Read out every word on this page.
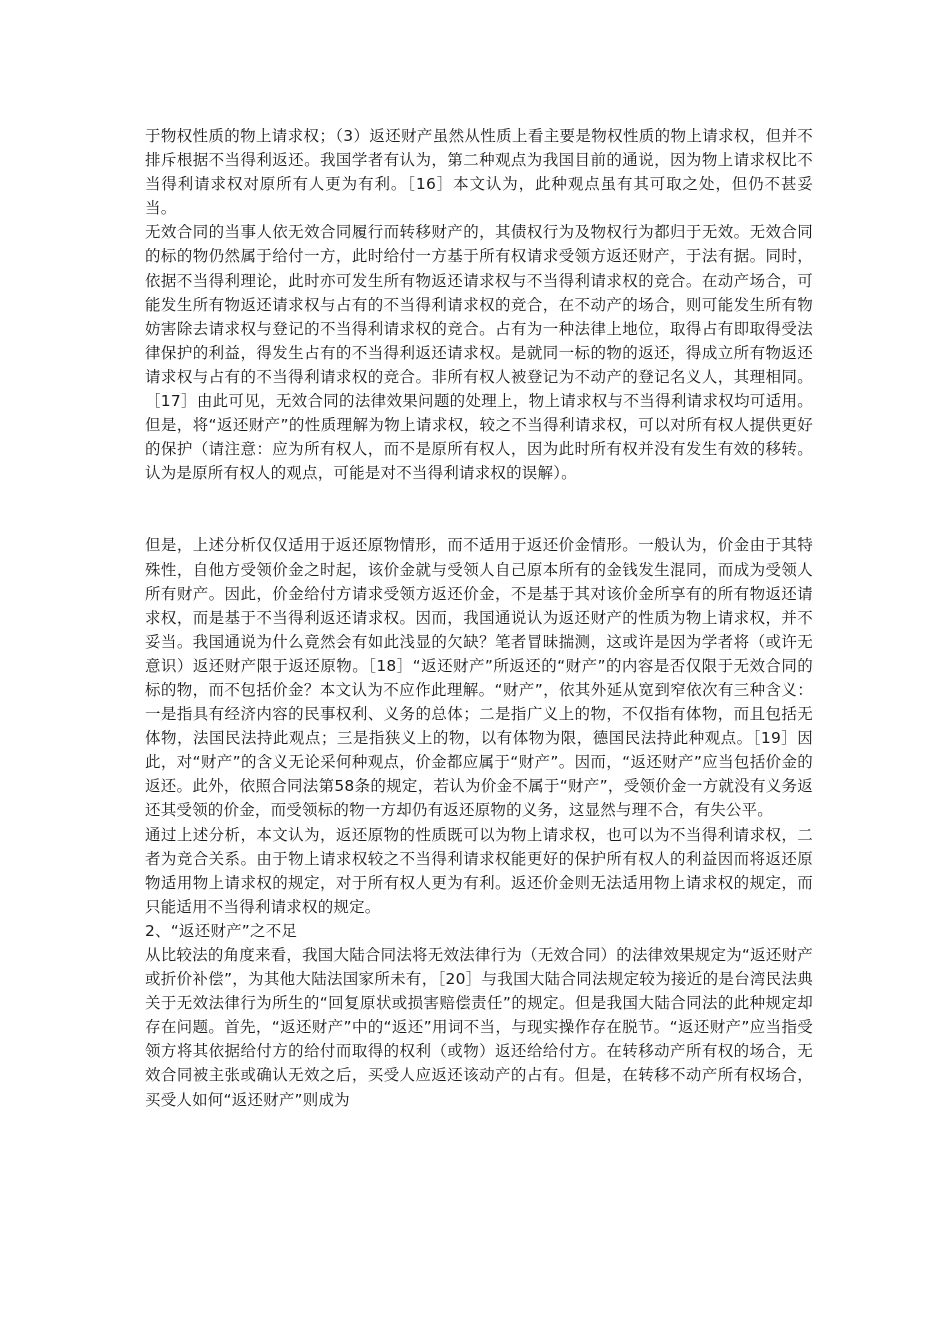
于物权性质的物上请求权；（3）返还财产虽然从性质上看主要是物权性质的物上请求权，但并不排斥根据不当得利返还。我国学者有认为，第二种观点为我国目前的通说，因为物上请求权比不当得利请求权对原所有人更为有利。［16］本文认为，此种观点虽有其可取之处，但仍不甚妥当。

无效合同的当事人依无效合同履行而转移财产的，其债权行为及物权行为都归于无效。无效合同的标的物仍然属于给付一方，此时给付一方基于所有权请求受领方返还财产，于法有据。同时，依据不当得利理论，此时亦可发生所有物返还请求权与不当得利请求权的竞合。在动产场合，可能发生所有物返还请求权与占有的不当得利请求权的竞合，在不动产的场合，则可能发生所有物妨害除去请求权与登记的不当得利请求权的竞合。占有为一种法律上地位，取得占有即取得受法律保护的利益，得发生占有的不当得利返还请求权。是就同一标的物的返还，得成立所有物返还请求权与占有的不当得利请求权的竞合。非所有权人被登记为不动产的登记名义人，其理相同。［17］由此可见，无效合同的法律效果问题的处理上，物上请求权与不当得利请求权均可适用。但是，将“返还财产”的性质理解为物上请求权，较之不当得利请求权，可以对所有权人提供更好的保护（请注意：应为所有权人，而不是原所有权人，因为此时所有权并没有发生有效的移转。认为是原所有权人的观点，可能是对不当得利请求权的误解）。

但是，上述分析仅仅适用于返还原物情形，而不适用于返还价金情形。一般认为，价金由于其特殊性，自他方受领价金之时起，该价金就与受领人自己原本所有的金钱发生混同，而成为受领人所有财产。因此，价金给付方请求受领方返还价金，不是基于其对该价金所享有的所有物返还请求权，而是基于不当得利返还请求权。因而，我国通说认为返还财产的性质为物上请求权，并不妥当。我国通说为什么竟然会有如此浅显的欠缺？笔者冒昧揣测，这或许是因为学者将（或许无意识）返还财产限于返还原物。［18］“返还财产”所返还的“财产”的内容是否仅限于无效合同的标的物，而不包括价金？本文认为不应作此理解。“财产”，依其外延从宽到窄依次有三种含义：一是指具有经济内容的民事权利、义务的总体；二是指广义上的物，不仅指有体物，而且包括无体物，法国民法持此观点；三是指狭义上的物，以有体物为限，德国民法持此种观点。［19］因此，对“财产”的含义无论采何种观点，价金都应属于“财产”。因而，“返还财产”应当包括价金的返还。此外，依照合同法第58条的规定，若认为价金不属于“财产”，受领价金一方就没有义务返还其受领的价金，而受领标的物一方却仍有返还原物的义务，这显然与理不合，有失公平。

通过上述分析，本文认为，返还原物的性质既可以为物上请求权，也可以为不当得利请求权，二者为竞合关系。由于物上请求权较之不当得利请求权能更好的保护所有权人的利益因而将返还原物适用物上请求权的规定，对于所有权人更为有利。返还价金则无法适用物上请求权的规定，而只能适用不当得利请求权的规定。

2、“返还财产”之不足

从比较法的角度来看，我国大陆合同法将无效法律行为（无效合同）的法律效果规定为“返还财产或折价补偿”，为其他大陆法国家所未有，［20］与我国大陆合同法规定较为接近的是台湾民法典关于无效法律行为所生的“回复原状或损害赔偿责任”的规定。但是我国大陆合同法的此种规定却存在问题。首先，“返还财产”中的“返还”用词不当，与现实操作存在脱节。“返还财产”应当指受领方将其依据给付方的给付而取得的权利（或物）返还给给付方。在转移动产所有权的场合，无效合同被主张或确认无效之后，买受人应返还该动产的占有。但是，在转移不动产所有权场合，买受人如何“返还财产”则成为
